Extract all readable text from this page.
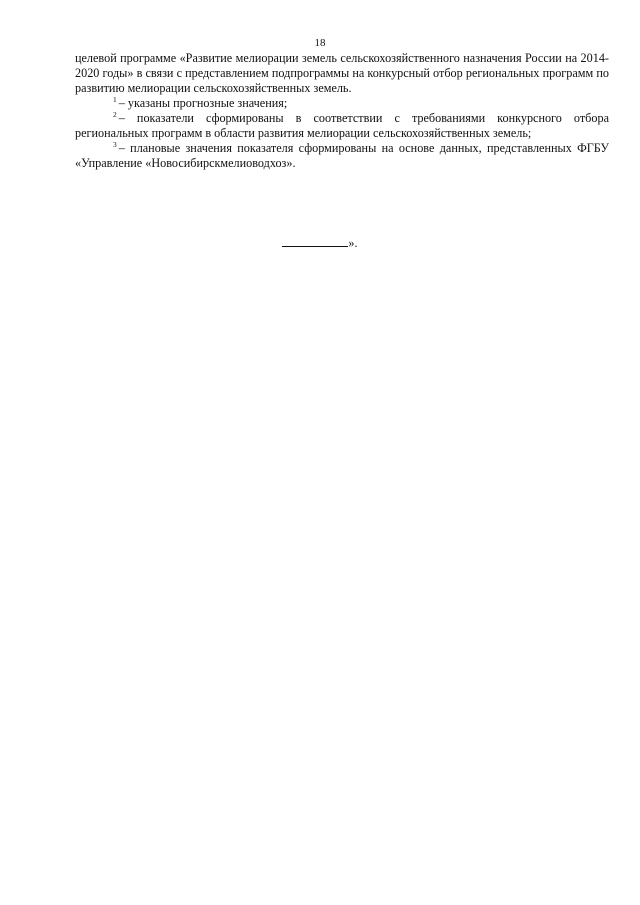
18

целевой программе «Развитие мелиорации земель сельскохозяйственного назначения России на 2014-2020 годы» в связи с представлением подпрограммы на конкурсный отбор региональных программ по развитию мелиорации сельскохозяйственных земель.

$^1$ – указаны прогнозные значения;

$^2$ – показатели сформированы в соответствии с требованиями конкурсного отбора региональных программ в области развития мелиорации сельскохозяйственных земель;

$^3$ – плановые значения показателя сформированы на основе данных, представленных ФГБУ «Управление «Новосибирскмелиоводхоз».

».
